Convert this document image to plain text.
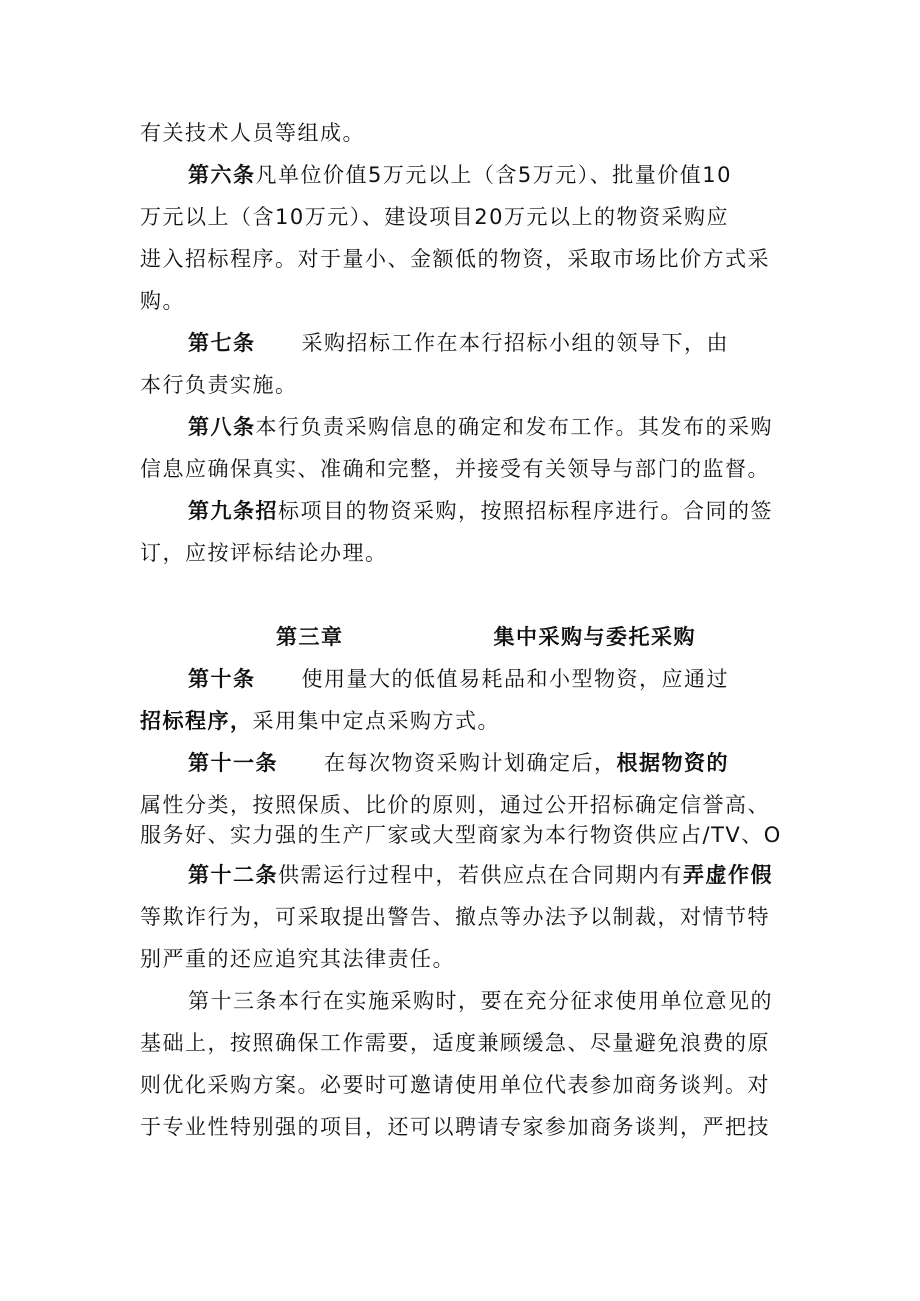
有关技术人员等组成。
第六条凡单位价值5万元以上（含5万元）、批量价值10
万元以上（含10万元）、建设项目20万元以上的物资采购应
进入招标程序。对于量小、金额低的物资，采取市场比价方式采
购。
第七条 采购招标工作在本行招标小组的领导下，由
本行负责实施。
第八条本行负责采购信息的确定和发布工作。其发布的采购
信息应确保真实、准确和完整，并接受有关领导与部门的监督。
第九条招标项目的物资采购，按照招标程序进行。合同的签
订，应按评标结论办理。
第三章	集中采购与委托采购
第十条 使用量大的低值易耗品和小型物资，应通过
招标程序，采用集中定点采购方式。
第十一条 在每次物资采购计划确定后，根据物资的
属性分类，按照保质、比价的原则，通过公开招标确定信誉高、
服务好、实力强的生产厂家或大型商家为本行物资供应占/TV、O
第十二条供需运行过程中，若供应点在合同期内有弄虚作假
等欺诈行为，可采取提出警告、撤点等办法予以制裁，对情节特
别严重的还应追究其法律责任。
第十三条本行在实施采购时，要在充分征求使用单位意见的
基础上，按照确保工作需要，适度兼顾缓急、尽量避免浪费的原
则优化采购方案。必要时可邀请使用单位代表参加商务谈判。对
于专业性特别强的项目，还可以聘请专家参加商务谈判，严把技
